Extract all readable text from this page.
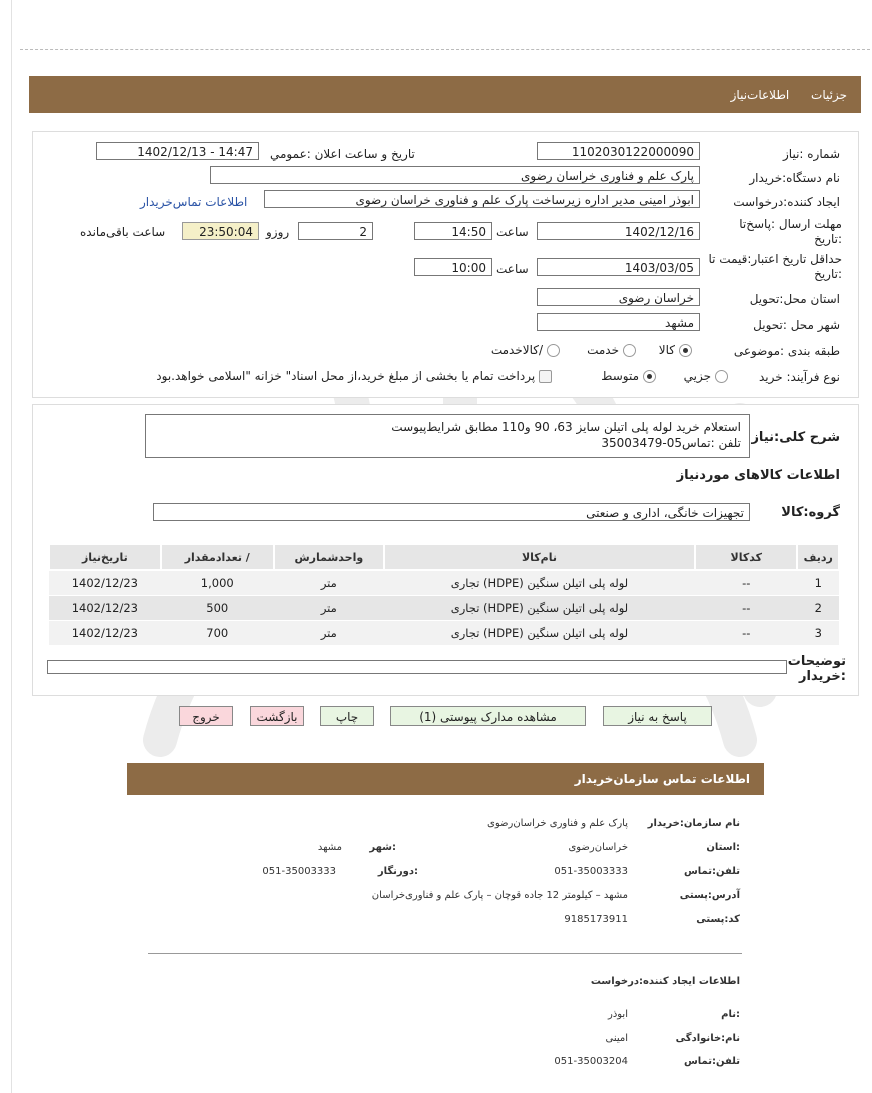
جزئیات اطلاعات‌نیاز
شماره :نیاز
1102030122000090
تاریخ و ساعت اعلان :عمومي
1402/12/13 - 14:47
نام دستگاه:خریدار
پارک علم و فناوری خراسان رضوی
ایجاد کننده:درخواست
ابوذر امینی مدیر اداره زیرساخت پارک علم و فناوری خراسان رضوی
اطلاعات تماس‌خریدار
مهلت ارسال :پاسخ‌تا :تاریخ
1402/12/16
ساعت
14:50
2
روزو
23:50:04
ساعت باقی‌مانده
حداقل تاریخ اعتبار:قیمت تا :تاریخ
1403/03/05
ساعت
10:00
استان محل:تحویل
خراسان رضوی
شهر محل :تحویل
مشهد
طبقه بندی :موضوعی
کالا
خدمت
/کالاخدمت
نوع فرآیند: خرید
جزیي
متوسط
پرداخت تمام یا بخشی از مبلغ خرید،از محل اسناد" خزانه "اسلامی خواهد.بود
شرح کلی:نیاز
استعلام خرید لوله پلی اتیلن سایز 63، 90 و110 مطابق شرایط‌پیوست
تلفن :تماس‌05-35003479
اطلاعات کالاهای موردنیاز
گروه:کالا
تجهیزات خانگی، اداری و صنعتی
ردیف	کدکالا	نام‌کالا	واحدشمارش	/ تعدادمقدار	تاریخ‌نیاز
1	--	لوله پلی اتیلن سنگین (HDPE) تجاری	متر	1,000	1402/12/23
2	--	لوله پلی اتیلن سنگین (HDPE) تجاری	متر	500	1402/12/23
3	--	لوله پلی اتیلن سنگین (HDPE) تجاری	متر	700	1402/12/23
توضیحات :خریدار
پاسخ به نیاز
مشاهده مدارک پیوستی (1)
چاپ
بازگشت
خروج
اطلاعات تماس سازمان‌خریدار
نام سازمان:خریدار
پارک علم و فناوری خراسان‌رضوی
:استان
خراسان‌رضوی
:شهر
مشهد
تلفن:تماس
051-35003333
:دورنگار
051-35003333
آدرس:پستی
مشهد – کیلومتر 12 جاده قوچان – پارک علم و فناوری‌خراسان
کد:پستی
9185173911
اطلاعات ایجاد کننده:درخواست
:نام
ابوذر
نام:خانوادگی
امینی
تلفن:تماس
051-35003204
